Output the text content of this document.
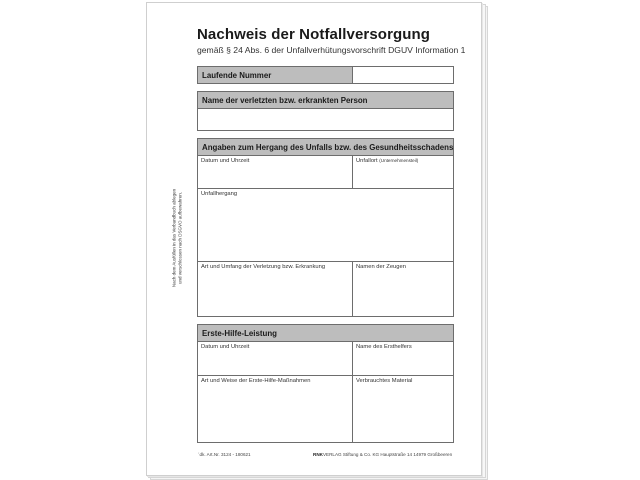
Nachweis der Notfallversorgung
gemäß § 24 Abs. 6 der Unfallverhütungsvorschrift DGUV Information 1
Nach dem Ausfüllen in das Verbandbuch ablegen und verschlossen nach DSGVO aufbewahren.
Laufende Nummer
Name der verletzten bzw. erkrankten Person
Angaben zum Hergang des Unfalls bzw. des Gesundheitsschadens
Datum und Uhrzeit	Unfallort (Unternehmensteil)
Unfallhergang
Art und Umfang der Verletzung bzw. Erkrankung	Namen der Zeugen
Erste-Hilfe-Leistung
Datum und Uhrzeit	Name des Ersthelfers
Art und Weise der Erste-Hilfe-Maßnahmen	Verbrauchtes Material
´dk. Art.Nr. 3124 - 180621	RNKVERLAG Stiftung & Co. KG Hauptstraße 14 14979 Großbeeren
